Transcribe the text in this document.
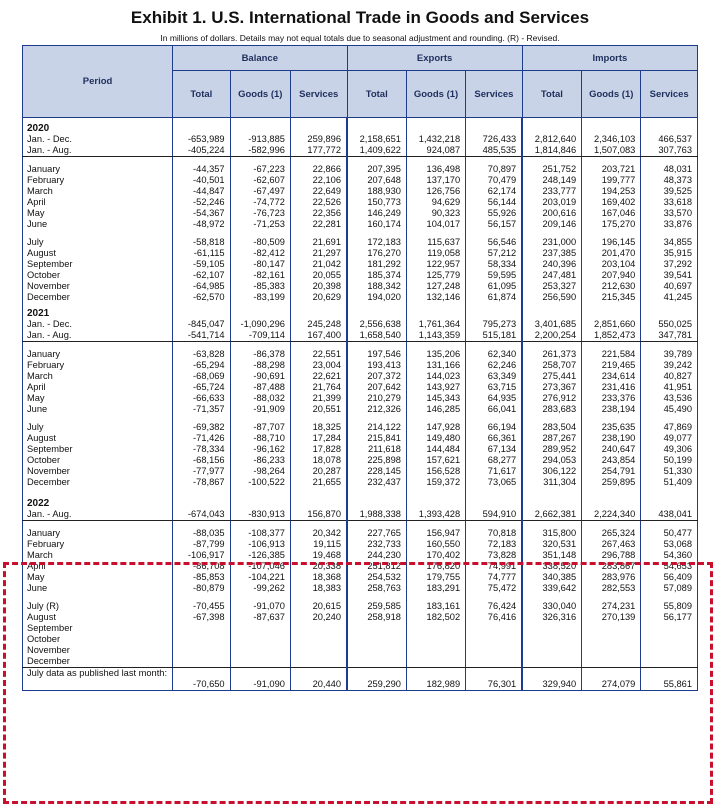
Exhibit 1. U.S. International Trade in Goods and Services
In millions of dollars. Details may not equal totals due to seasonal adjustment and rounding. (R) - Revised.
Period	Balance			Exports			Imports		
	Total	Goods (1)	Services	Total	Goods (1)	Services	Total	Goods (1)	Services
2020									
Jan. - Dec.	-653,989	-913,885	259,896	2,158,651	1,432,218	726,433	2,812,640	2,346,103	466,537
Jan. - Aug.	-405,224	-582,996	177,772	1,409,622	924,087	485,535	1,814,846	1,507,083	307,763

January	-44,357	-67,223	22,866	207,395	136,498	70,897	251,752	203,721	48,031
February	-40,501	-62,607	22,106	207,648	137,170	70,479	248,149	199,777	48,373
March	-44,847	-67,497	22,649	188,930	126,756	62,174	233,777	194,253	39,525
April	-52,246	-74,772	22,526	150,773	94,629	56,144	203,019	169,402	33,618
May	-54,367	-76,723	22,356	146,249	90,323	55,926	200,616	167,046	33,570
June	-48,972	-71,253	22,281	160,174	104,017	56,157	209,146	175,270	33,876

July	-58,818	-80,509	21,691	172,183	115,637	56,546	231,000	196,145	34,855
August	-61,115	-82,412	21,297	176,270	119,058	57,212	237,385	201,470	35,915
September	-59,105	-80,147	21,042	181,292	122,957	58,334	240,396	203,104	37,292
October	-62,107	-82,161	20,055	185,374	125,779	59,595	247,481	207,940	39,541
November	-64,985	-85,383	20,398	188,342	127,248	61,095	253,327	212,630	40,697
December	-62,570	-83,199	20,629	194,020	132,146	61,874	256,590	215,345	41,245
2021									
Jan. - Dec.	-845,047	-1,090,296	245,248	2,556,638	1,761,364	795,273	3,401,685	2,851,660	550,025
Jan. - Aug.	-541,714	-709,114	167,400	1,658,540	1,143,359	515,181	2,200,254	1,852,473	347,781

January	-63,828	-86,378	22,551	197,546	135,206	62,340	261,373	221,584	39,789
February	-65,294	-88,298	23,004	193,413	131,166	62,246	258,707	219,465	39,242
March	-68,069	-90,691	22,621	207,372	144,023	63,349	275,441	234,614	40,827
April	-65,724	-87,488	21,764	207,642	143,927	63,715	273,367	231,416	41,951
May	-66,633	-88,032	21,399	210,279	145,343	64,935	276,912	233,376	43,536
June	-71,357	-91,909	20,551	212,326	146,285	66,041	283,683	238,194	45,490

July	-69,382	-87,707	18,325	214,122	147,928	66,194	283,504	235,635	47,869
August	-71,426	-88,710	17,284	215,841	149,480	66,361	287,267	238,190	49,077
September	-78,334	-96,162	17,828	211,618	144,484	67,134	289,952	240,647	49,306
October	-68,156	-86,233	18,078	225,898	157,621	68,277	294,053	243,854	50,199
November	-77,977	-98,264	20,287	228,145	156,528	71,617	306,122	254,791	51,330
December	-78,867	-100,522	21,655	232,437	159,372	73,065	311,304	259,895	51,409

2022									
Jan. - Aug.	-674,043	-830,913	156,870	1,988,338	1,393,428	594,910	2,662,381	2,224,340	438,041

January	-88,035	-108,377	20,342	227,765	156,947	70,818	315,800	265,324	50,477
February	-87,799	-106,913	19,115	232,733	160,550	72,183	320,531	267,463	53,068
March	-106,917	-126,385	19,468	244,230	170,402	73,828	351,148	296,788	54,360
April	-86,708	-107,046	20,338	251,812	176,820	74,991	338,520	283,867	54,653
May	-85,853	-104,221	18,368	254,532	179,755	74,777	340,385	283,976	56,409
June	-80,879	-99,262	18,383	258,763	183,291	75,472	339,642	282,553	57,089

July (R)	-70,455	-91,070	20,615	259,585	183,161	76,424	330,040	274,231	55,809
August	-67,398	-87,637	20,240	258,918	182,502	76,416	326,316	270,139	56,177
September									
October									
November									
December									
July data as published last month:									
	-70,650	-91,090	20,440	259,290	182,989	76,301	329,940	274,079	55,861
